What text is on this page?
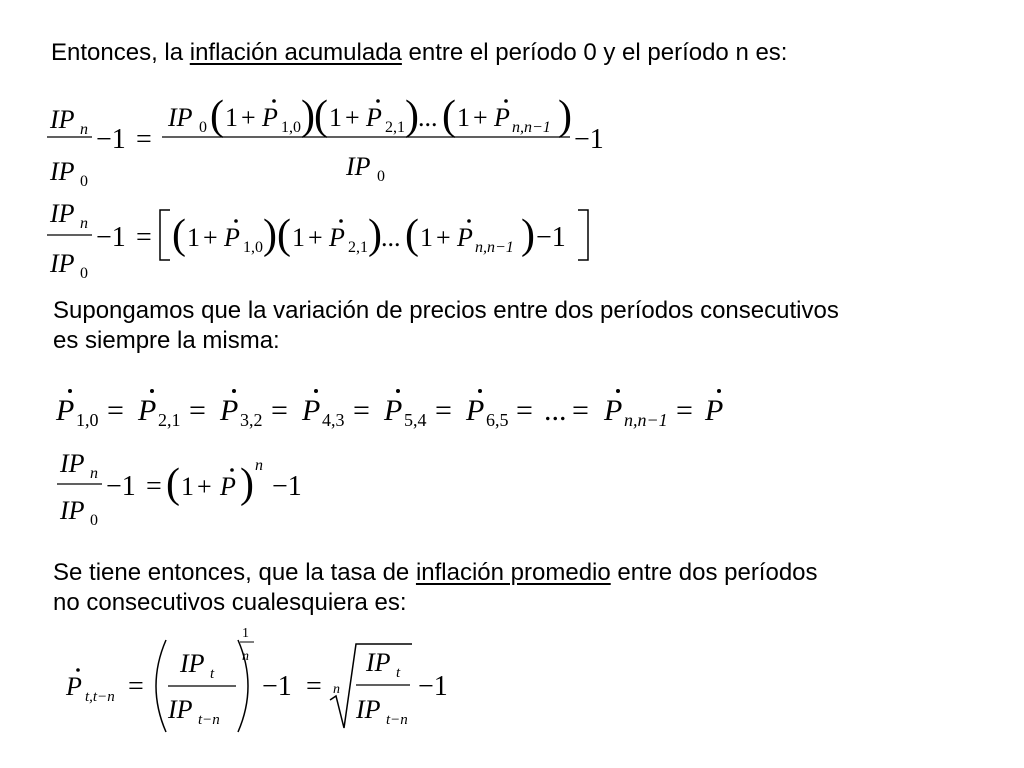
Entonces, la inflación acumulada entre el período 0 y el período n es:
IP n
IP 0
−1 =
IP 0 ( 1 + P 1,0 ) ( 1 + P 2,1 ) ... ( 1 + P n,n−1 )
IP 0
−1
IP n
IP 0
−1 = ( 1 + P 1,0 ) ( 1 + P 2,1 ) ... ( 1 + P n,n−1 ) −1
Supongamos que la variación de precios entre dos períodos consecutivos
es siempre la misma:
P 1,0 = P 2,1 = P 3,2 = P 4,3 = P 5,4 = P 6,5 = ... = P n,n−1 = P
IP n
IP 0
−1 = ( 1 + P ) n
−1
Se tiene entonces, que la tasa de inflación promedio entre dos períodos
no consecutivos cualesquiera es:
P t,t−n =
IP t
IP t−n
1
n
−1 = n
IP t
IP t−n
−1
